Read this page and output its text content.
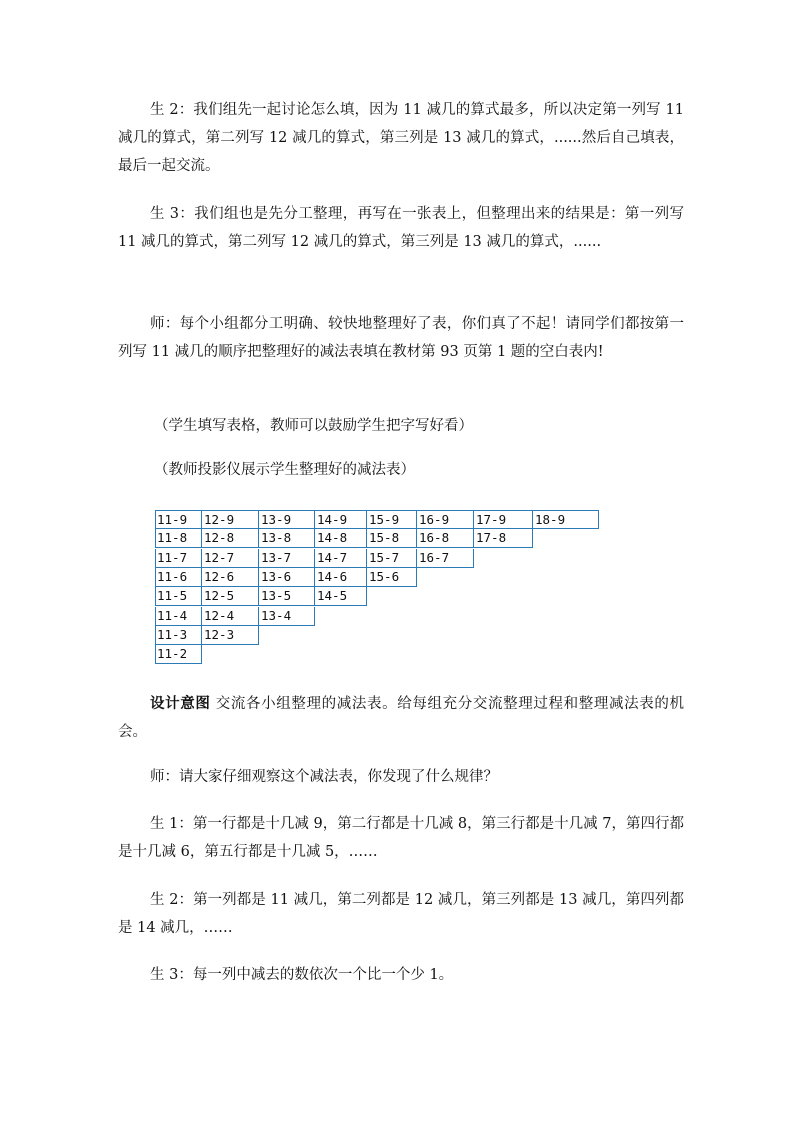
生 2：我们组先一起讨论怎么填，因为 11 减几的算式最多，所以决定第一列写 11 减几的算式，第二列写 12 减几的算式，第三列是 13 减几的算式，......然后自己填表，最后一起交流。

生 3：我们组也是先分工整理，再写在一张表上，但整理出来的结果是：第一列写 11 减几的算式，第二列写 12 减几的算式，第三列是 13 减几的算式，......

师：每个小组都分工明确、较快地整理好了表，你们真了不起！请同学们都按第一列写 11 减几的顺序把整理好的减法表填在教材第 93 页第 1 题的空白表内!

（学生填写表格，教师可以鼓励学生把字写好看）

（教师投影仪展示学生整理好的减法表）

11-9	12-9	13-9	14-9	15-9	16-9	17-9	18-9
11-8	12-8	13-8	14-8	15-8	16-8	17-8
11-7	12-7	13-7	14-7	15-7	16-7
11-6	12-6	13-6	14-6	15-6
11-5	12-5	13-5	14-5
11-4	12-4	13-4
11-3	12-3
11-2

设计意图 交流各小组整理的减法表。给每组充分交流整理过程和整理减法表的机会。

师：请大家仔细观察这个减法表，你发现了什么规律？

生 1：第一行都是十几减 9，第二行都是十几减 8，第三行都是十几减 7，第四行都是十几减 6，第五行都是十几减 5，……

生 2：第一列都是 11 减几，第二列都是 12 减几，第三列都是 13 减几，第四列都是 14 减几，……

生 3：每一列中减去的数依次一个比一个少 1。
